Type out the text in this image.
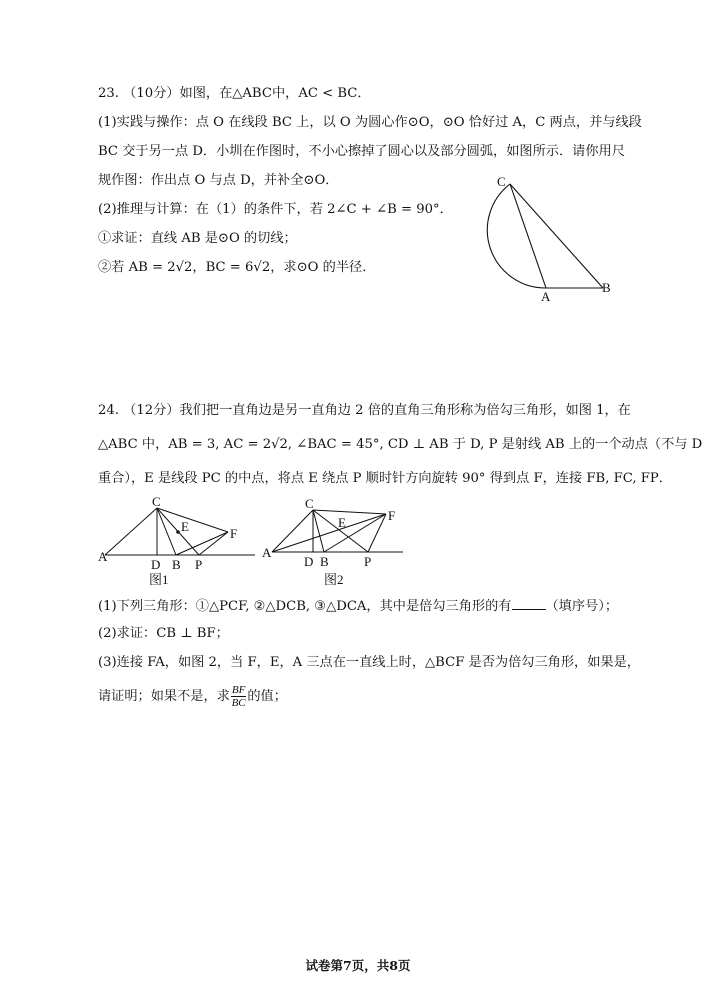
23. （10分）如图，在△ABC中，AC < BC．
(1)实践与操作：点 O 在线段 BC 上，以 O 为圆心作⊙O，⊙O 恰好过 A，C 两点，并与线段
BC 交于另一点 D．小圳在作图时，不小心擦掉了圆心以及部分圆弧，如图所示．请你用尺
规作图：作出点 O 与点 D，并补全⊙O．
(2)推理与计算：在（1）的条件下，若 2∠C + ∠B = 90°．
①求证：直线 AB 是⊙O 的切线；
②若 AB = 2√2，BC = 6√2，求⊙O 的半径．
C
A
B
24. （12分）我们把一直角边是另一直角边 2 倍的直角三角形称为倍勾三角形，如图 1，在
△ABC 中，AB = 3, AC = 2√2, ∠BAC = 45°, CD ⊥ AB 于 D, P 是射线 AB 上的一个动点（不与 D
重合），E 是线段 PC 的中点，将点 E 绕点 P 顺时针方向旋转 90° 得到点 F，连接 FB, FC, FP．
C
E	F
A
D B P
图1
C
E	F
A
D B	P
图2
(1)下列三角形：①△PCF, ②△DCB, ③△DCA，其中是倍勾三角形的有	（填序号）；
(2)求证：CB ⊥ BF；
(3)连接 FA，如图 2，当 F，E，A 三点在一直线上时，△BCF 是否为倍勾三角形，如果是，
请证明；如果不是，求 $\frac{BF}{BC}$ 的值；
试卷第7页，共8页
